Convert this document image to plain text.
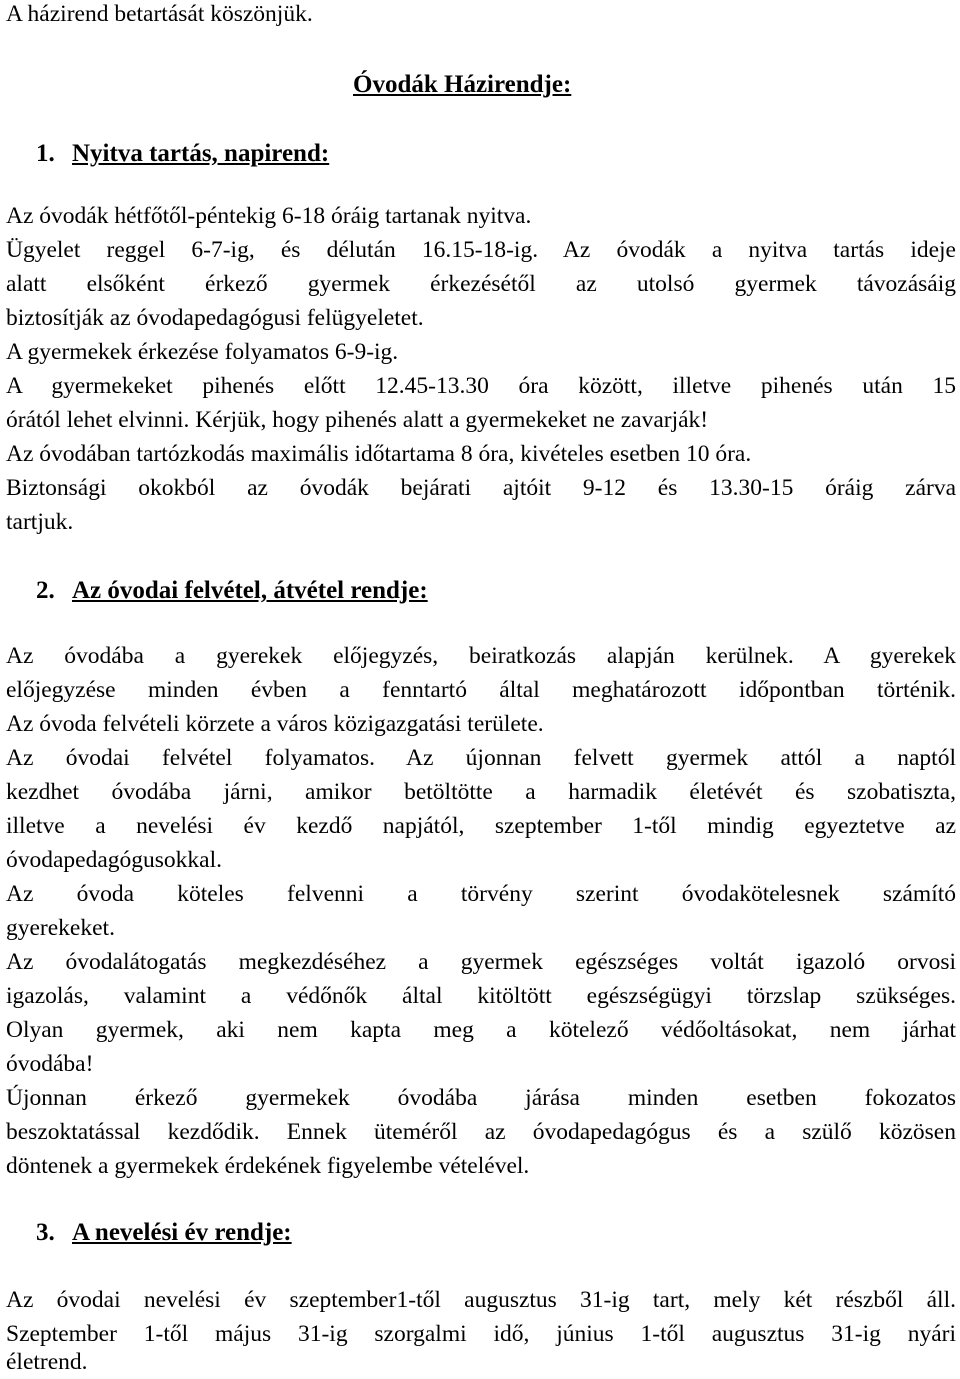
A házirend betartását köszönjük.
Óvodák Házirendje:
1. Nyitva tartás, napirend:
Az óvodák hétfőtől-péntekig 6-18 óráig tartanak nyitva.
Ügyelet reggel 6-7-ig, és délután 16.15-18-ig. Az óvodák a nyitva tartás ideje
alatt elsőként érkező gyermek érkezésétől az utolsó gyermek távozásáig
biztosítják az óvodapedagógusi felügyeletet.
A gyermekek érkezése folyamatos 6-9-ig.
A gyermekeket pihenés előtt 12.45-13.30 óra között, illetve pihenés után 15
órától lehet elvinni. Kérjük, hogy pihenés alatt a gyermekeket ne zavarják!
Az óvodában tartózkodás maximális időtartama 8 óra, kivételes esetben 10 óra.
Biztonsági okokból az óvodák bejárati ajtóit 9-12 és 13.30-15 óráig zárva
tartjuk.
2. Az óvodai felvétel, átvétel rendje:
Az óvodába a gyerekek előjegyzés, beiratkozás alapján kerülnek. A gyerekek
előjegyzése minden évben a fenntartó által meghatározott időpontban történik.
Az óvoda felvételi körzete a város közigazgatási területe.
Az óvodai felvétel folyamatos. Az újonnan felvett gyermek attól a naptól
kezdhet óvodába járni, amikor betöltötte a harmadik életévét és szobatiszta,
illetve a nevelési év kezdő napjától, szeptember 1-től mindig egyeztetve az
óvodapedagógusokkal.
Az óvoda köteles felvenni a törvény szerint óvodakötelesnek számító
gyerekeket.
Az óvodalátogatás megkezdéséhez a gyermek egészséges voltát igazoló orvosi
igazolás, valamint a védőnők által kitöltött egészségügyi törzslap szükséges.
Olyan gyermek, aki nem kapta meg a kötelező védőoltásokat, nem járhat
óvodába!
Újonnan érkező gyermekek óvodába járása minden esetben fokozatos
beszoktatással kezdődik. Ennek üteméről az óvodapedagógus és a szülő közösen
döntenek a gyermekek érdekének figyelembe vételével.
3. A nevelési év rendje:
Az óvodai nevelési év szeptember1-től augusztus 31-ig tart, mely két részből áll.
Szeptember 1-től május 31-ig szorgalmi idő, június 1-től augusztus 31-ig nyári
életrend.
